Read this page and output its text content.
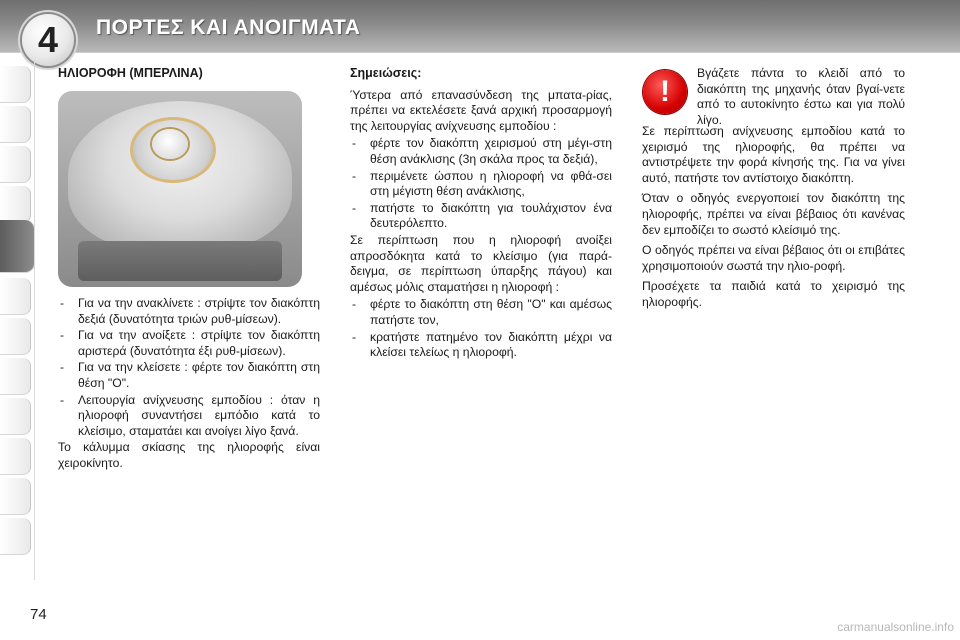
4 ΠΟΡΤΕΣ ΚΑΙ ΑΝΟΙΓΜΑΤΑ
ΗΛΙΟΡΟΦΗ (ΜΠΕΡΛΙΝΑ)
- Για να την ανακλίνετε : στρίψτε τον διακόπτη δεξιά (δυνατότητα τριών ρυθ-μίσεων).
- Για να την ανοίξετε : στρίψτε τον διακόπτη αριστερά (δυνατότητα έξι ρυθ-μίσεων).
- Για να την κλείσετε : φέρτε τον διακόπτη στη θέση "O".
- Λειτουργία ανίχνευσης εμποδίου : όταν η ηλιοροφή συναντήσει εμπόδιο κατά το κλείσιμο, σταματάει και ανοίγει λίγο ξανά.

Το κάλυμμα σκίασης της ηλιοροφής είναι χειροκίνητο.

Σημειώσεις:

Ύστερα από επανασύνδεση της μπατα-ρίας, πρέπει να εκτελέσετε ξανά αρχική προσαρμογή της λειτουργίας ανίχνευσης εμποδίου :

- φέρτε τον διακόπτη χειρισμού στη μέγι-στη θέση ανάκλισης (3η σκάλα προς τα δεξιά),
- περιμένετε ώσπου η ηλιοροφή να φθά-σει στη μέγιστη θέση ανάκλισης,
- πατήστε το διακόπτη για τουλάχιστον ένα δευτερόλεπτο.

Σε περίπτωση που η ηλιοροφή ανοίξει απροσδόκητα κατά το κλείσιμο (για παρά-δειγμα, σε περίπτωση ύπαρξης πάγου) και αμέσως μόλις σταματήσει η ηλιοροφή :

- φέρτε το διακόπτη στη θέση "O" και αμέσως πατήστε τον,
- κρατήστε πατημένο τον διακόπτη μέχρι να κλείσει τελείως η ηλιοροφή.
!

Βγάζετε πάντα το κλειδί από το διακόπτη της μηχανής όταν βγαί-νετε από το αυτοκίνητο έστω και για πολύ λίγο.

Σε περίπτωση ανίχνευσης εμποδίου κατά το χειρισμό της ηλιοροφής, θα πρέπει να αντιστρέψετε την φορά κίνησής της. Για να γίνει αυτό, πατήστε τον αντίστοιχο διακόπτη.

Όταν ο οδηγός ενεργοποιεί τον διακόπτη της ηλιοροφής, πρέπει να είναι βέβαιος ότι κανένας δεν εμποδίζει το σωστό κλείσιμό της.

Ο οδηγός πρέπει να είναι βέβαιος ότι οι επιβάτες χρησιμοποιούν σωστά την ηλιο-ροφή.

Προσέχετε τα παιδιά κατά το χειρισμό της ηλιοροφής.

74
carmanualsonline.info
